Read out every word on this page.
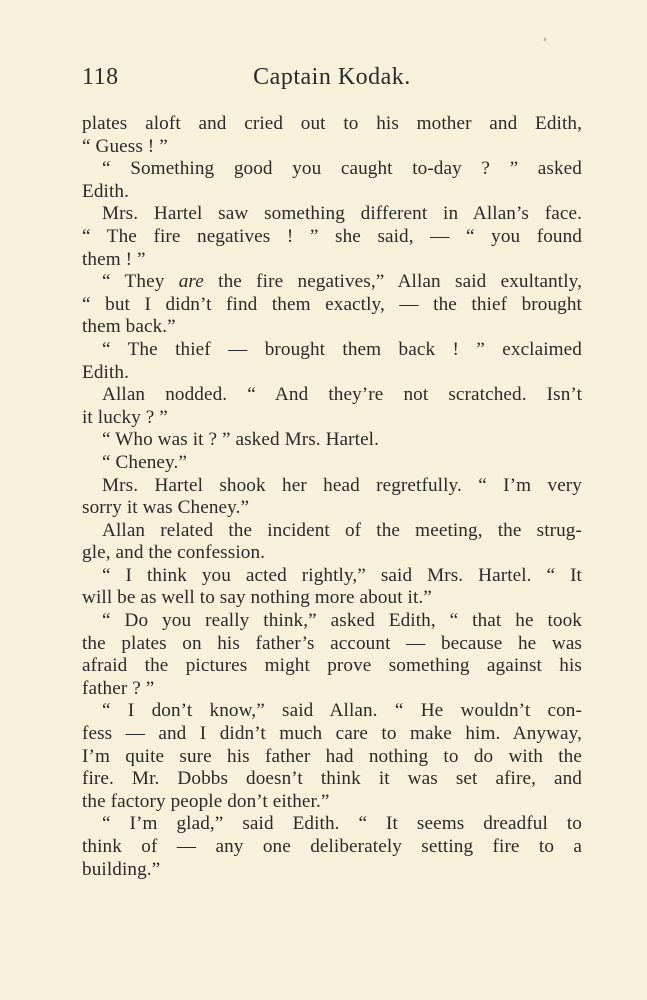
118	Captain Kodak.
plates aloft and cried out to his mother and Edith,
“ Guess ! ”
“ Something good you caught to-day ? ” asked
Edith.
Mrs. Hartel saw something different in Allan’s face.
“ The fire negatives ! ” she said, — “ you found
them ! ”
“ They are the fire negatives,” Allan said exultantly,
“ but I didn’t find them exactly, — the thief brought
them back.”
“ The thief — brought them back ! ” exclaimed
Edith.
Allan nodded. “ And they’re not scratched. Isn’t
it lucky ? ”
“ Who was it ? ” asked Mrs. Hartel.
“ Cheney.”
Mrs. Hartel shook her head regretfully. “ I’m very
sorry it was Cheney.”
Allan related the incident of the meeting, the strug-
gle, and the confession.
“ I think you acted rightly,” said Mrs. Hartel. “ It
will be as well to say nothing more about it.”
“ Do you really think,” asked Edith, “ that he took
the plates on his father’s account — because he was
afraid the pictures might prove something against his
father ? ”
“ I don’t know,” said Allan. “ He wouldn’t con-
fess — and I didn’t much care to make him. Anyway,
I’m quite sure his father had nothing to do with the
fire. Mr. Dobbs doesn’t think it was set afire, and
the factory people don’t either.”
“ I’m glad,” said Edith. “ It seems dreadful to
think of — any one deliberately setting fire to a
building.”
